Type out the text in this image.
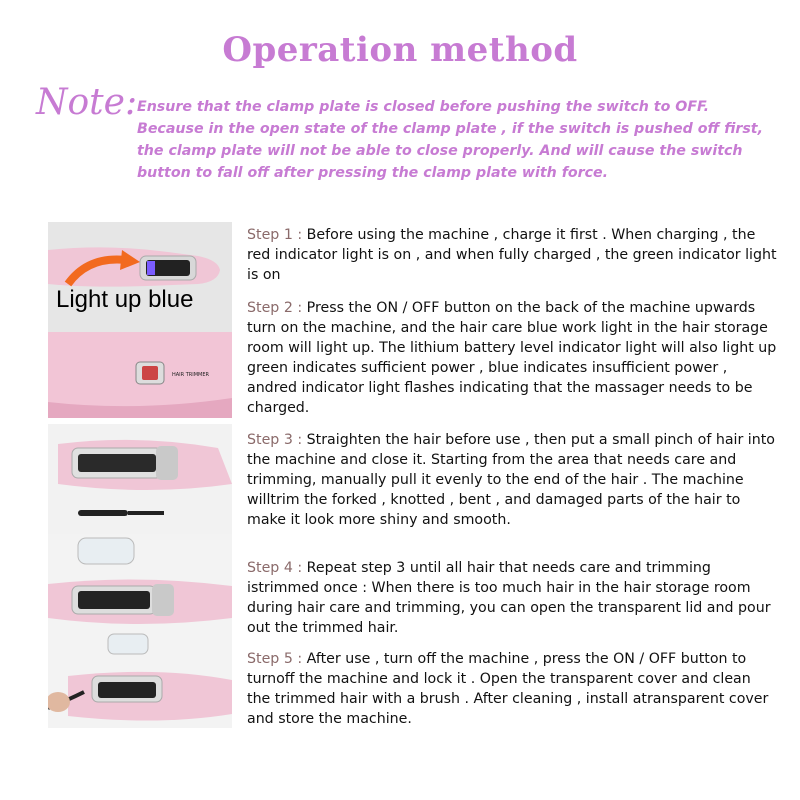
Operation method
Note: Ensure that the clamp plate is closed before pushing the switch to OFF. Because in the open state of the clamp plate , if the switch is pushed off first, the clamp plate will not be able to close properly. And will cause the switch button to fall off after pressing the clamp plate with force.
Light up blue
HAIR TRIMMER
Step 1 : Before using the machine , charge it first . When charging , the red indicator light is on , and when fully charged , the green indicator light is on
Step 2 : Press the ON / OFF button on the back of the machine upwards turn on the machine, and the hair care blue work light in the hair storage room will light up. The lithium battery level indicator light will also light up green indicates sufficient power , blue indicates insufficient power , andred indicator light flashes indicating that the massager needs to be charged.
Step 3 : Straighten the hair before use , then put a small pinch of hair into the machine and close it. Starting from the area that needs care and trimming, manually pull it evenly to the end of the hair . The machine willtrim the forked , knotted , bent , and damaged parts of the hair to make it look more shiny and smooth.
Step 4 : Repeat step 3 until all hair that needs care and trimming istrimmed once : When there is too much hair in the hair storage room during hair care and trimming, you can open the transparent lid and pour out the trimmed hair.
Step 5 : After use , turn off the machine , press the ON / OFF button to turnoff the machine and lock it . Open the transparent cover and clean the trimmed hair with a brush . After cleaning , install atransparent cover and store the machine.
